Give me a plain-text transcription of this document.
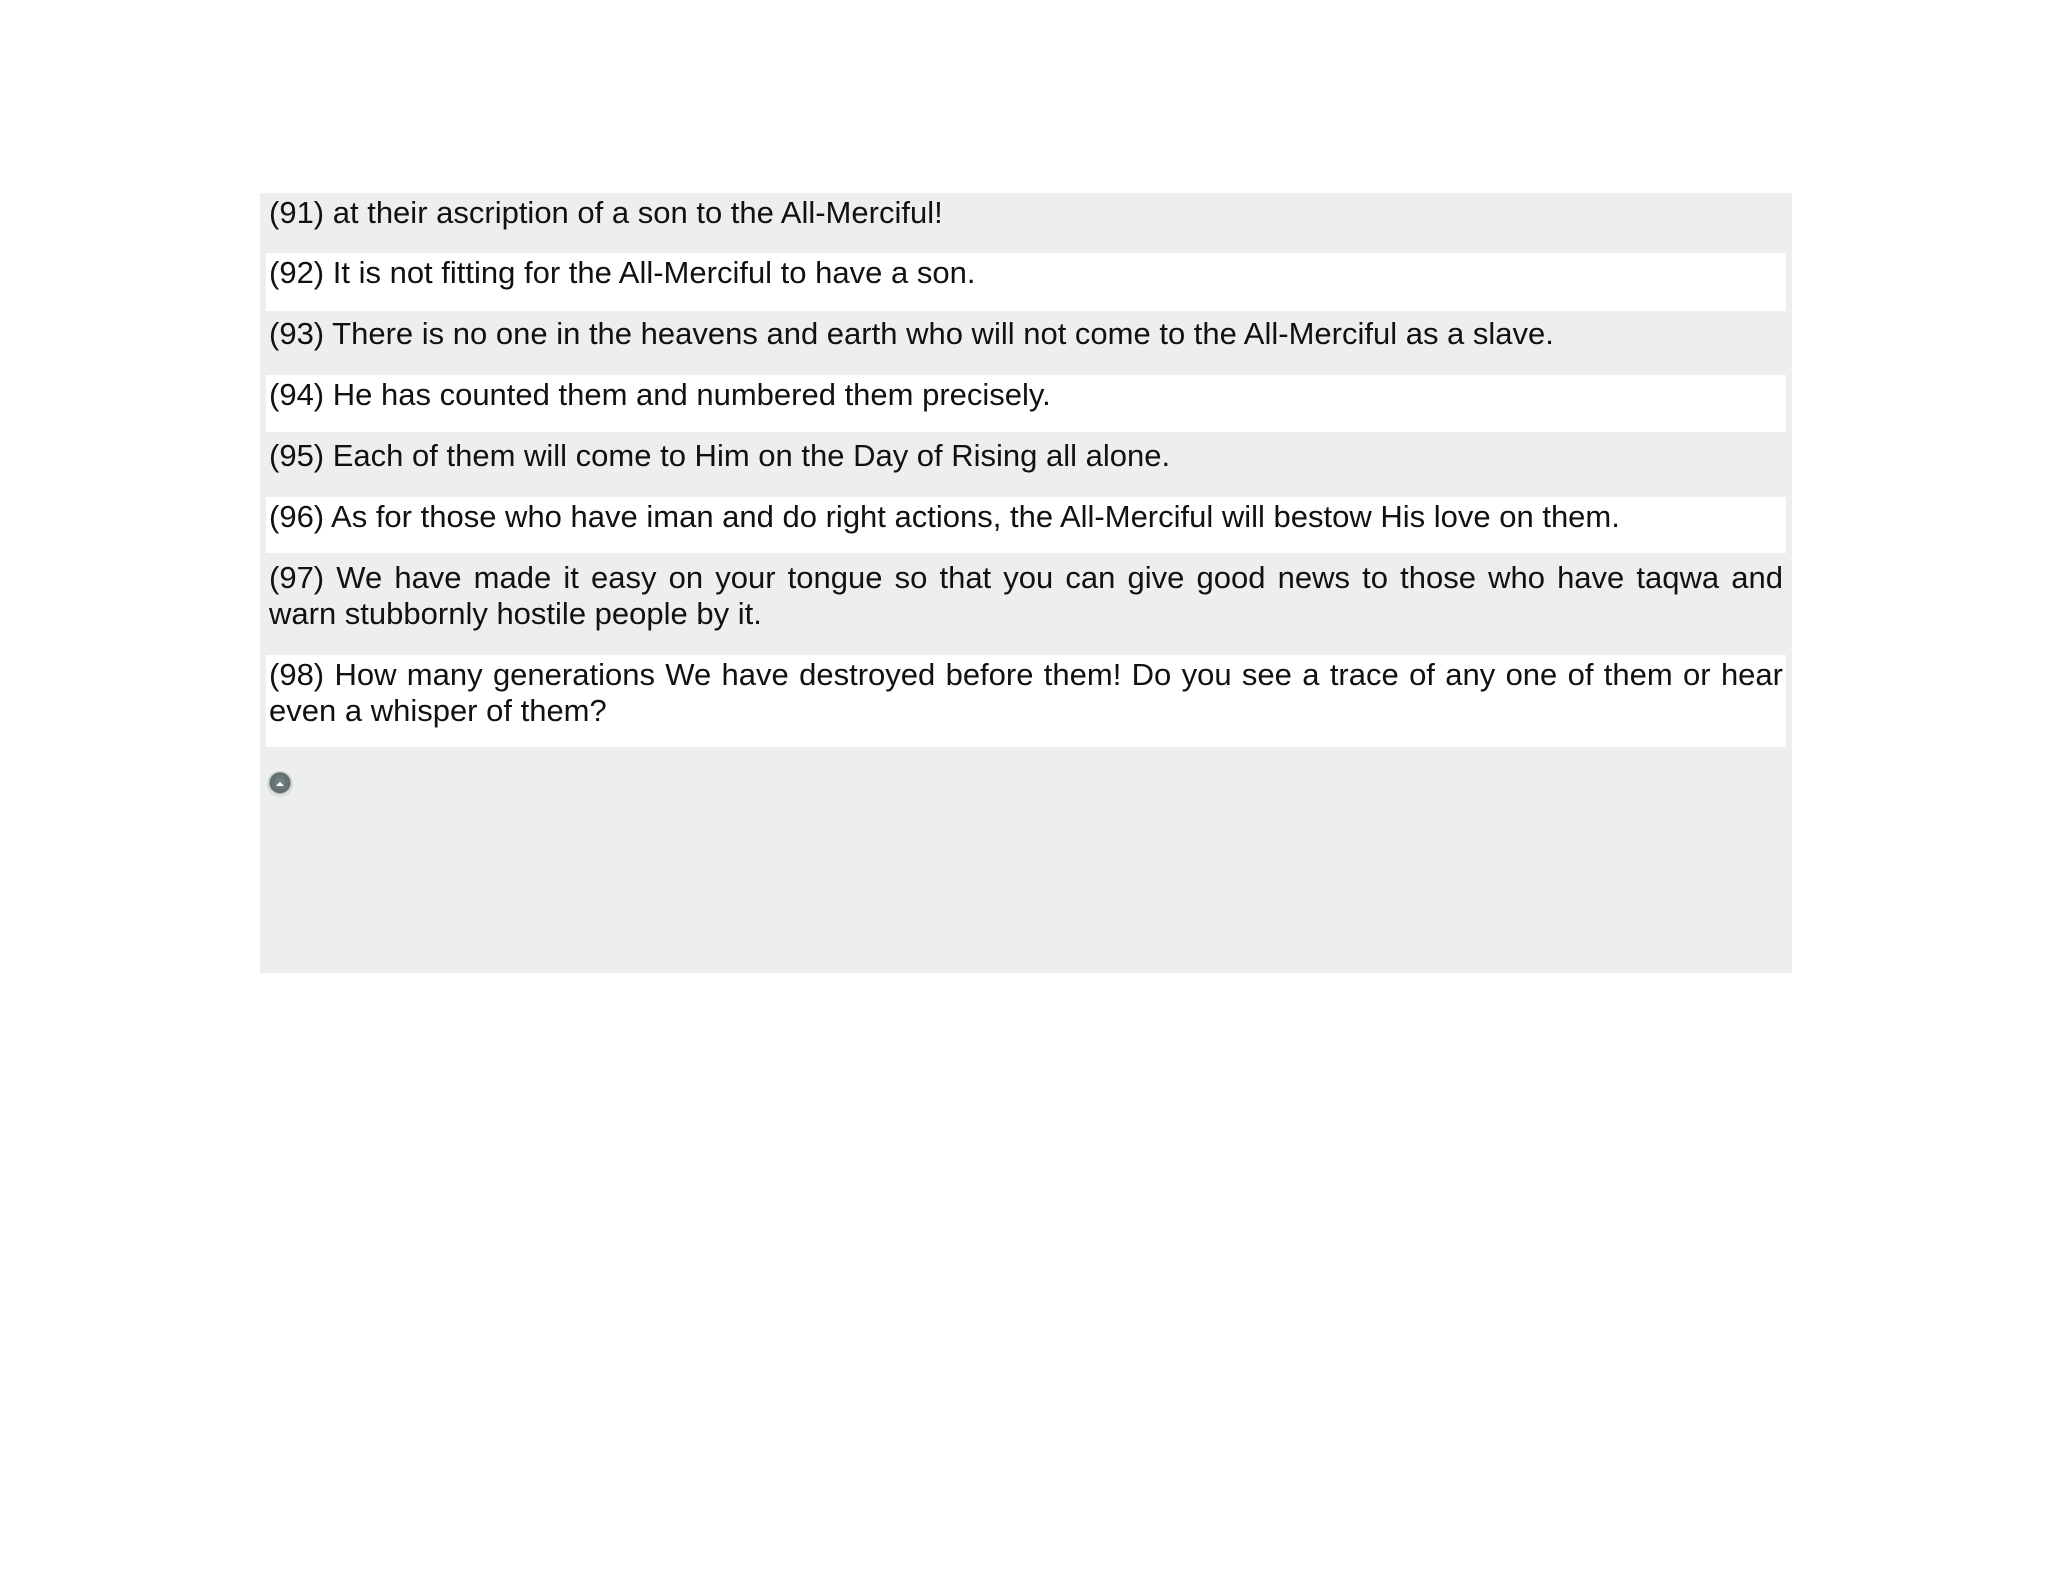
(91) at their ascription of a son to the All-Merciful!
(92) It is not fitting for the All-Merciful to have a son.
(93) There is no one in the heavens and earth who will not come to the All-Merciful as a slave.
(94) He has counted them and numbered them precisely.
(95) Each of them will come to Him on the Day of Rising all alone.
(96) As for those who have iman and do right actions, the All-Merciful will bestow His love on them.
(97) We have made it easy on your tongue so that you can give good news to those who have taqwa and warn stubbornly hostile people by it.
(98) How many generations We have destroyed before them! Do you see a trace of any one of them or hear even a whisper of them?
